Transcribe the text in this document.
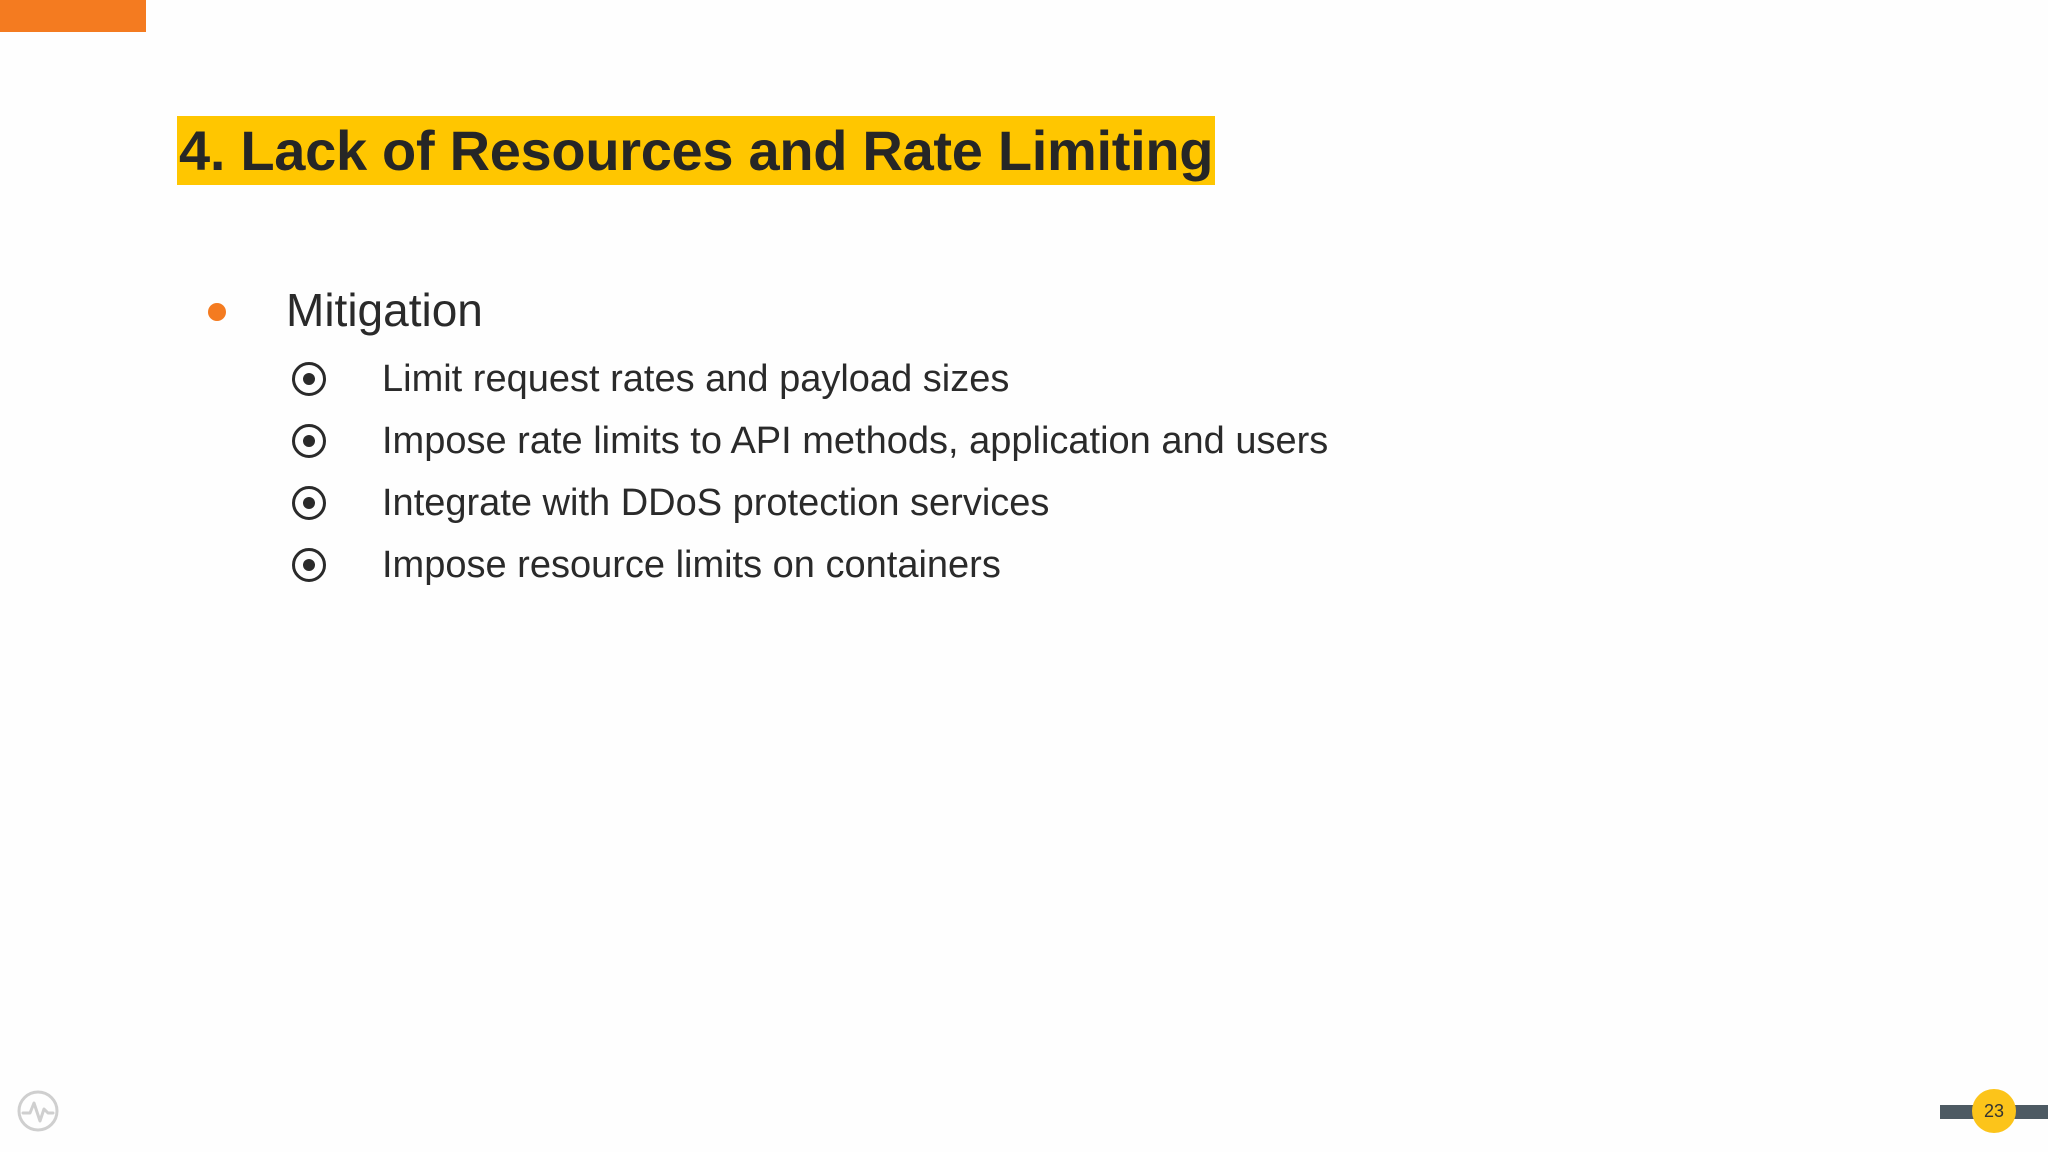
4. Lack of Resources and Rate Limiting
Mitigation
Limit request rates and payload sizes
Impose rate limits to API methods, application and users
Integrate with DDoS protection services
Impose resource limits on containers
23
